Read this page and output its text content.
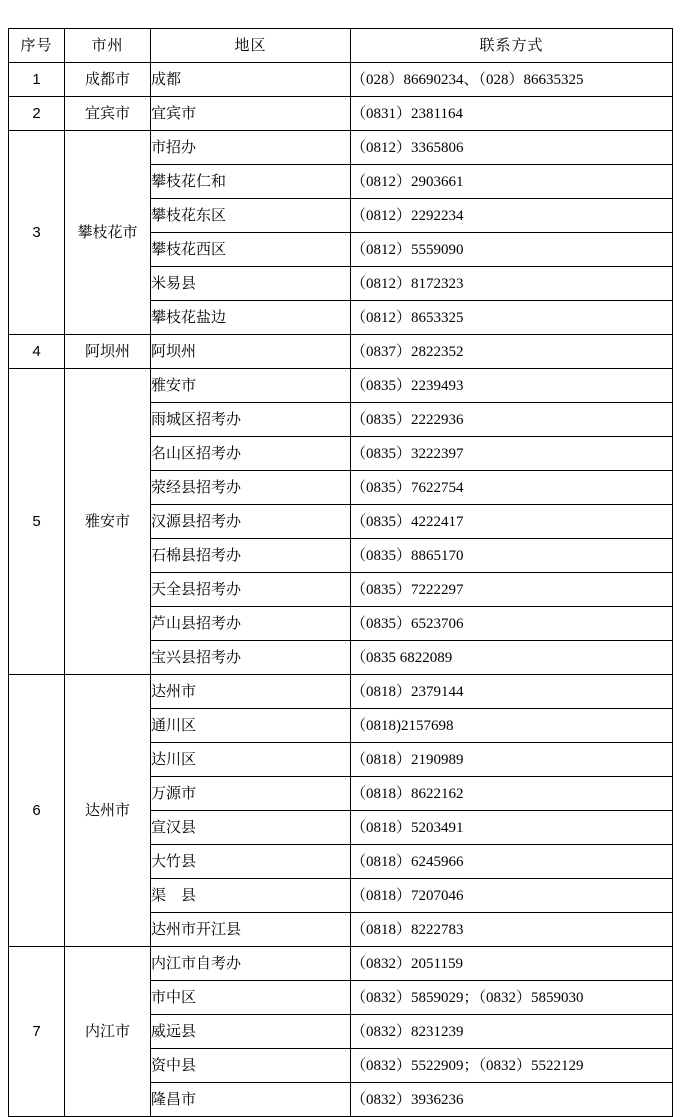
序号	市州	地区	联系方式
1	成都市	成都	（028）86690234、（028）86635325
2	宜宾市	宜宾市	（0831）2381164
3	攀枝花市	市招办	（0812）3365806
		攀枝花仁和	（0812）2903661
		攀枝花东区	（0812）2292234
		攀枝花西区	（0812）5559090
		米易县	（0812）8172323
		攀枝花盐边	（0812）8653325
4	阿坝州	阿坝州	（0837）2822352
5	雅安市	雅安市	（0835）2239493
		雨城区招考办	（0835）2222936
		名山区招考办	（0835）3222397
		荥经县招考办	（0835）7622754
		汉源县招考办	（0835）4222417
		石棉县招考办	（0835）8865170
		天全县招考办	（0835）7222297
		芦山县招考办	（0835）6523706
		宝兴县招考办	（0835 6822089
6	达州市	达州市	（0818）2379144
		通川区	（0818)2157698
		达川区	（0818）2190989
		万源市	（0818）8622162
		宣汉县	（0818）5203491
		大竹县	（0818）6245966
		渠　县	（0818）7207046
		达州市开江县	（0818）8222783
7	内江市	内江市自考办	（0832）2051159
		市中区	（0832）5859029；（0832）5859030
		威远县	（0832）8231239
		资中县	（0832）5522909；（0832）5522129
		隆昌市	（0832）3936236
